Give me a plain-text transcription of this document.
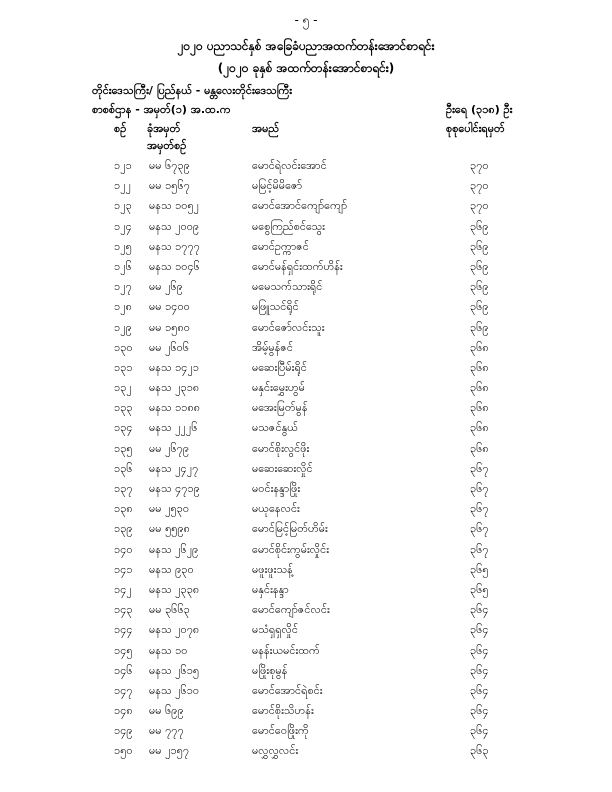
- ၅ -
၂၀၂၀ ပညာသင်နှစ် အခြေခံပညာအထက်တန်းအောင်စာရင်း
(၂၀၂၀ ခုနှစ် အထက်တန်းအောင်စာရင်း)
တိုင်းဒေသကြီး/ ပြည်နယ် - မန္တလေးတိုင်းဒေသကြီး
စာစစ်ဌာန - အမှတ်(၁) အ.ထ.က	ဦးရေ (၃၁၈) ဦး
စဉ် ခုံအမှတ်	အမည်	စုစုပေါင်းရမှတ်
အမှတ်စဉ်
၁၂၁ မမ ၆၇၃၉	မောင်ရဲလင်းအောင်	၃၇၀
၁၂၂ မမ ၁၅၆၇	မမြင့်မိမိဇော်	၃၇၀
၁၂၃ မနသ ၁၀၅၂	မောင်အောင်ကျော်ကျော်	၃၇၀
၁၂၄ မနသ ၂၀၀၉	မစွေကြည်စင်သွေး	၃၆၉
၁၂၅ မနသ ၁၇၇၇	မောင်ဥက္ကာဇင်	၃၆၉
၁၂၆ မနသ ၁၀၄၆	မောင်မန်ရှင်းထက်ဟိန်း	၃၆၉
၁၂၇ မမ ၂၆၉	မမေသက်သားရိုင်	၃၆၉
၁၂၈ မမ ၁၄၀၀	မဖြူသင်ရိုင်	၃၆၉
၁၂၉ မမ ၁၅၈၀	မောင်ဇော်လင်းသူး	၃၆၉
၁၃၀ မမ ၂၆၀၆	အိမ့်မွန်ဇင်	၃၆၈
၁၃၁ မနသ ၁၄၂၁	မဆေးပြီမ်းရိုင်	၃၆၈
၁၃၂ မနသ ၂၃၁၈	မနှင်းမွှေးဟွမ်	၃၆၈
၁၃၃ မနသ ၁၁၈၈	မအေးမြတ်မွန်	၃၆၈
၁၃၄ မနသ ၂၂၂၆	မသဇင်နွယ်	၃၆၈
၁၃၅ မမ ၂၆၇၉	မောင်စိုးလွင်ဖိုး	၃၆၈
၁၃၆ မနသ ၂၄၂၇	မဆေးဆေးလှိုင်	၃၆၇
၁၃၇ မနသ ၄၇၁၉	မဝင်းနန္ဒာဖြိုး	၃၆၇
၁၃၈ မမ ၂၅၃၀	မယုနေလင်း	၃၆၇
၁၃၉ မမ ၅၅၉၈	မောင်မြင့်မြတ်ဟိမ်း	၃၆၇
၁၄၀ မနသ ၂၆၂၉	မောင်စိုင်းကွမ်းလှိုင်း	၃၆၇
၁၄၁ မနသ ၉၃၀	မဖူးဖူးသန့်	၃၆၅
၁၄၂ မနသ ၂၃၃၈	မနှင်းနန္ဒာ	၃၆၅
၁၄၃ မမ ၃၆၆၃	မောင်ကျော်ဇင်လင်း	၃၆၄
၁၄၄ မနသ ၂၀၇၈	မသံရှရှလှိုင်	၃၆၄
၁၄၅ မနသ ၁၀	မနန်းယမင်းထက်	၃၆၄
၁၄၆ မနသ ၂၆၁၅	မဖြိုးစုမွန်	၃၆၄
၁၄၇ မနသ ၂၆၁၀	မောင်အောင်ရဲစင်း	၃၆၄
၁၄၈ မမ ၆၉၉	မောင်စိုးသိဟန်း	၃၆၄
၁၄၉ မမ ၇၇၇	မောင်ဝေဖြိုးကို	၃၆၄
၁၅၀ မမ ၂၁၅၇	မလွှလွှလင်း	၃၆၃
